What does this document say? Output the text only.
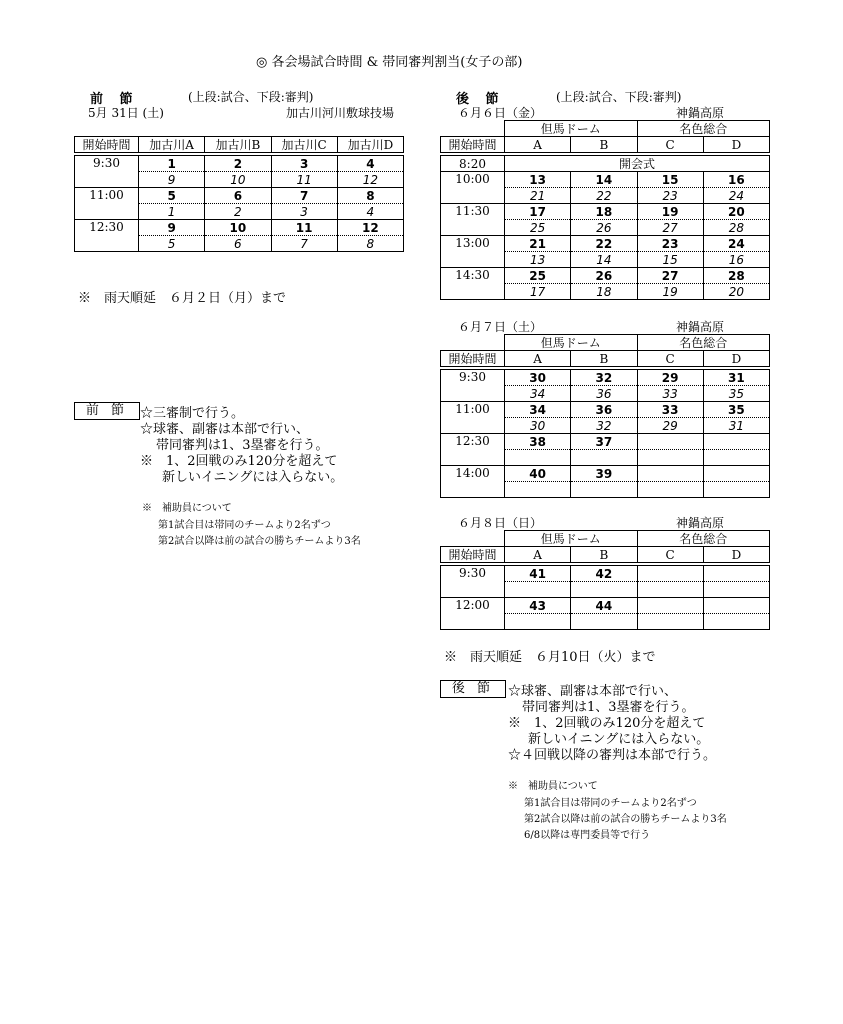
◎ 各会場試合時間 & 帯同審判割当(女子の部)
前 節	(上段:試合、下段:審判)
5月 31日 (土)	加古川河川敷球技場
開始時間	加古川A	加古川B	加古川C	加古川D

9:30	1	2	3	4
	9	10	11	12
11:00	5	6	7	8
	1	2	3	4
12:30	9	10	11	12
	5	6	7	8
※　雨天順延　６月２日（月）まで
前 節 ☆三審制で行う。
☆球審、副審は本部で行い、
帯同審判は1、3塁審を行う。
※　1、2回戦のみ120分を超えて
新しいイニングには入らない。
※　補助員について
第1試合目は帯同のチームより2名ずつ
第2試合以降は前の試合の勝ちチームより3名
後 節	(上段:試合、下段:審判)
６月６日（金）	神鍋高原
	但馬ドーム		名色総合	
開始時間	A	B	C	D

8:20	開会式			
10:00	13	14	15	16
	21	22	23	24
11:30	17	18	19	20
	25	26	27	28
13:00	21	22	23	24
	13	14	15	16
14:30	25	26	27	28
	17	18	19	20
６月７日（土）	神鍋高原
	但馬ドーム		名色総合	
開始時間	A	B	C	D

9:30	30	32	29	31
	34	36	33	35
11:00	34	36	33	35
	30	32	29	31
12:30	38	37		

14:00	40	39		

６月８日（日）	神鍋高原
	但馬ドーム		名色総合	
開始時間	A	B	C	D

9:30	41	42		

12:00	43	44		

※　雨天順延　６月10日（火）まで
後 節	☆球審、副審は本部で行い、
帯同審判は1、3塁審を行う。
※　1、2回戦のみ120分を超えて
新しいイニングには入らない。
☆４回戦以降の審判は本部で行う。
※　補助員について
第1試合目は帯同のチームより2名ずつ
第2試合以降は前の試合の勝ちチームより3名
6/8以降は専門委員等で行う
